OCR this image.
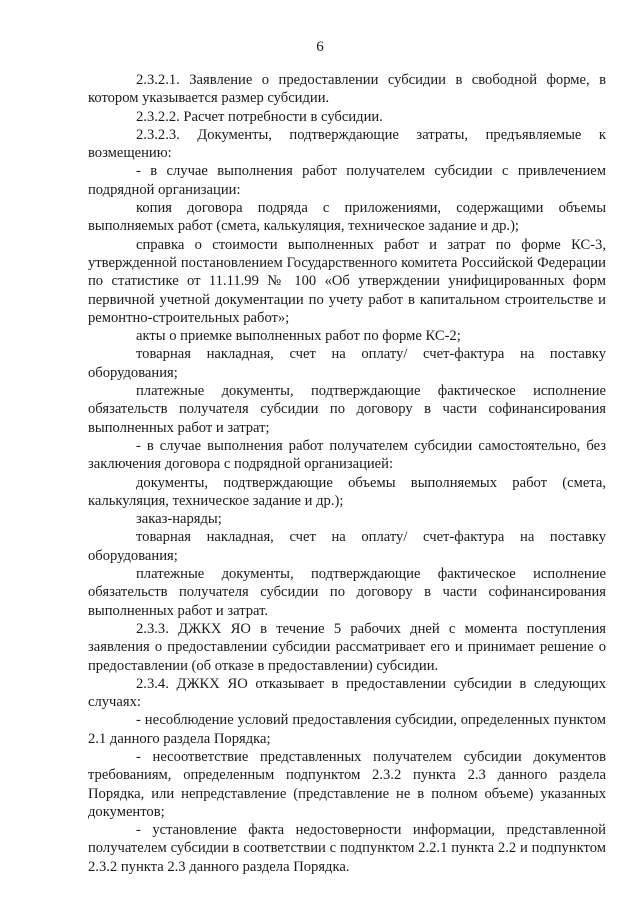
6

2.3.2.1. Заявление о предоставлении субсидии в свободной форме, в котором указывается размер субсидии.

2.3.2.2. Расчет потребности в субсидии.

2.3.2.3. Документы, подтверждающие затраты, предъявляемые к возмещению:

- в случае выполнения работ получателем субсидии с привлечением подрядной организации:

копия договора подряда с приложениями, содержащими объемы выполняемых работ (смета, калькуляция, техническое задание и др.);

справка о стоимости выполненных работ и затрат по форме КС-3, утвержденной постановлением Государственного комитета Российской Федерации по статистике от 11.11.99 № 100 «Об утверждении унифицированных форм первичной учетной документации по учету работ в капитальном строительстве и ремонтно-строительных работ»;

акты о приемке выполненных работ по форме КС-2;

товарная накладная, счет на оплату/ счет-фактура на поставку оборудования;

платежные документы, подтверждающие фактическое исполнение обязательств получателя субсидии по договору в части софинансирования выполненных работ и затрат;

- в случае выполнения работ получателем субсидии самостоятельно, без заключения договора с подрядной организацией:

документы, подтверждающие объемы выполняемых работ (смета, калькуляция, техническое задание и др.);

заказ-наряды;

товарная накладная, счет на оплату/ счет-фактура на поставку оборудования;

платежные документы, подтверждающие фактическое исполнение обязательств получателя субсидии по договору в части софинансирования выполненных работ и затрат.

2.3.3. ДЖКХ ЯО в течение 5 рабочих дней с момента поступления заявления о предоставлении субсидии рассматривает его и принимает решение о предоставлении (об отказе в предоставлении) субсидии.

2.3.4. ДЖКХ ЯО отказывает в предоставлении субсидии в следующих случаях:

- несоблюдение условий предоставления субсидии, определенных пунктом 2.1 данного раздела Порядка;

- несоответствие представленных получателем субсидии документов требованиям, определенным подпунктом 2.3.2 пункта 2.3 данного раздела Порядка, или непредставление (представление не в полном объеме) указанных документов;

- установление факта недостоверности информации, представленной получателем субсидии в соответствии с подпунктом 2.2.1 пункта 2.2 и подпунктом 2.3.2 пункта 2.3 данного раздела Порядка.
